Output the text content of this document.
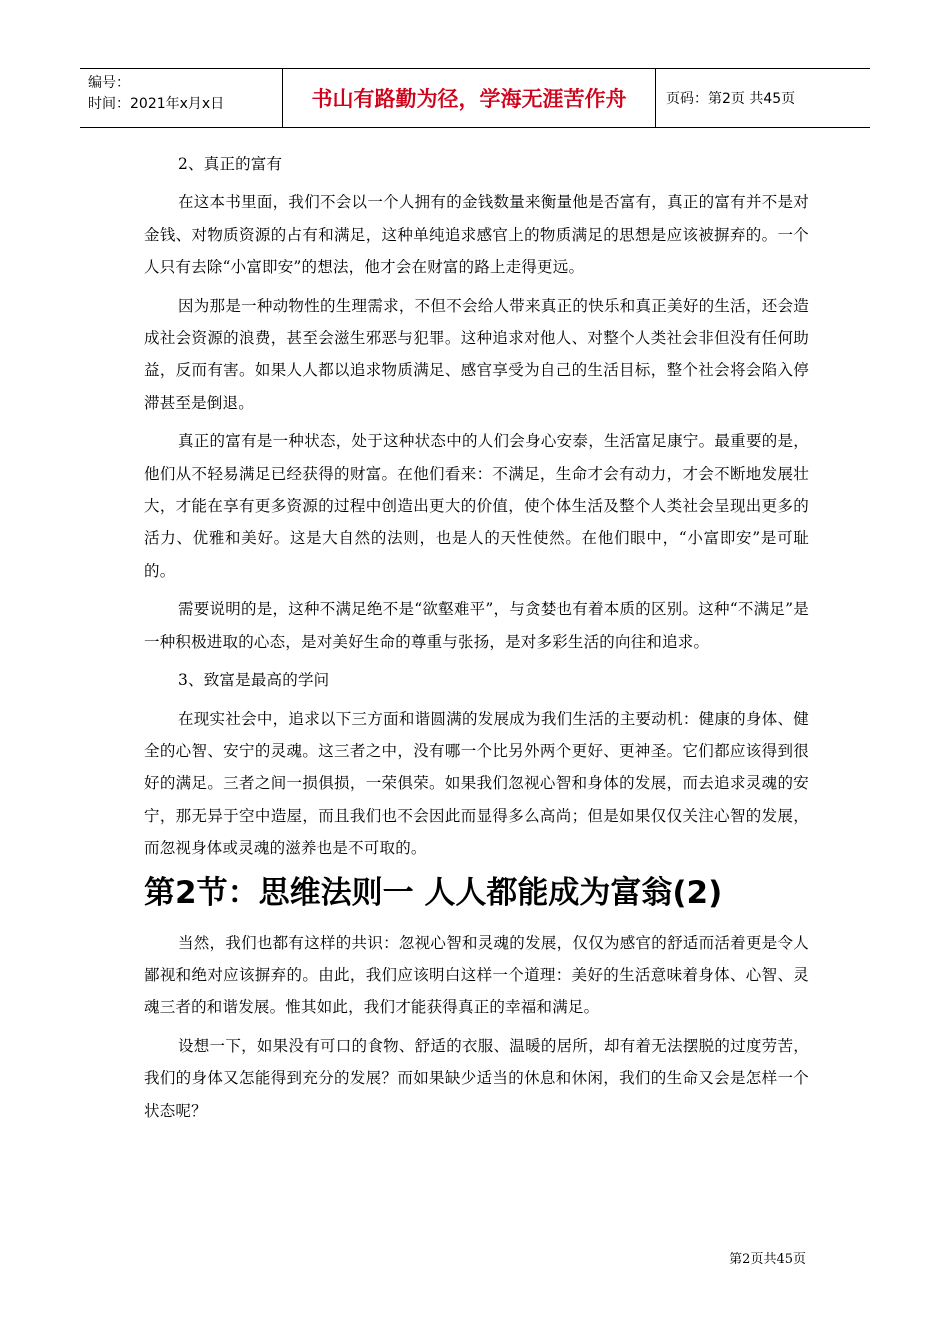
编号：
时间：2021年x月x日	书山有路勤为径，学海无涯苦作舟	页码：第2页 共45页

2、真正的富有

在这本书里面，我们不会以一个人拥有的金钱数量来衡量他是否富有，真正的富有并不是对金钱、对物质资源的占有和满足，这种单纯追求感官上的物质满足的思想是应该被摒弃的。一个人只有去除“小富即安”的想法，他才会在财富的路上走得更远。

因为那是一种动物性的生理需求，不但不会给人带来真正的快乐和真正美好的生活，还会造成社会资源的浪费，甚至会滋生邪恶与犯罪。这种追求对他人、对整个人类社会非但没有任何助益，反而有害。如果人人都以追求物质满足、感官享受为自己的生活目标，整个社会将会陷入停滞甚至是倒退。

真正的富有是一种状态，处于这种状态中的人们会身心安泰，生活富足康宁。最重要的是，他们从不轻易满足已经获得的财富。在他们看来：不满足，生命才会有动力，才会不断地发展壮大，才能在享有更多资源的过程中创造出更大的价值，使个体生活及整个人类社会呈现出更多的活力、优雅和美好。这是大自然的法则，也是人的天性使然。在他们眼中，“小富即安”是可耻的。

需要说明的是，这种不满足绝不是“欲壑难平”，与贪婪也有着本质的区别。这种“不满足”是一种积极进取的心态，是对美好生命的尊重与张扬，是对多彩生活的向往和追求。

3、致富是最高的学问

在现实社会中，追求以下三方面和谐圆满的发展成为我们生活的主要动机：健康的身体、健全的心智、安宁的灵魂。这三者之中，没有哪一个比另外两个更好、更神圣。它们都应该得到很好的满足。三者之间一损俱损，一荣俱荣。如果我们忽视心智和身体的发展，而去追求灵魂的安宁，那无异于空中造屋，而且我们也不会因此而显得多么高尚；但是如果仅仅关注心智的发展，而忽视身体或灵魂的滋养也是不可取的。

第2节：思维法则一 人人都能成为富翁(2)

当然，我们也都有这样的共识：忽视心智和灵魂的发展，仅仅为感官的舒适而活着更是令人鄙视和绝对应该摒弃的。由此，我们应该明白这样一个道理：美好的生活意味着身体、心智、灵魂三者的和谐发展。惟其如此，我们才能获得真正的幸福和满足。

设想一下，如果没有可口的食物、舒适的衣服、温暖的居所，却有着无法摆脱的过度劳苦，我们的身体又怎能得到充分的发展？而如果缺少适当的休息和休闲，我们的生命又会是怎样一个状态呢？

第2页共45页
